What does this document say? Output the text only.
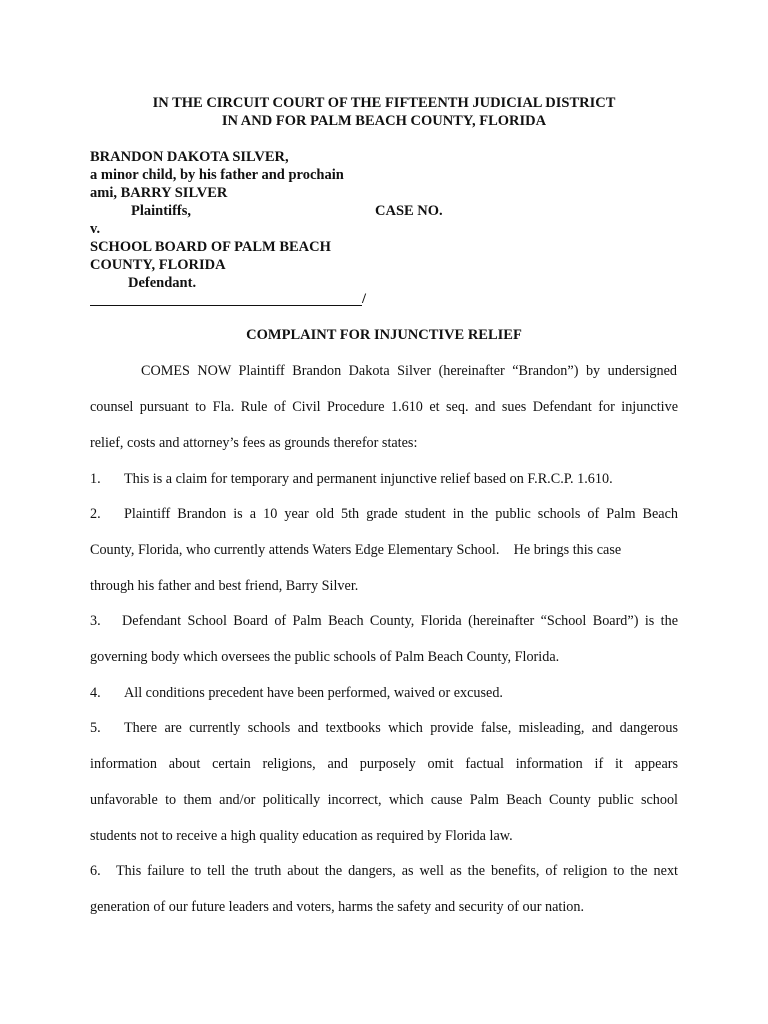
IN THE CIRCUIT COURT OF THE FIFTEENTH JUDICIAL DISTRICT
IN AND FOR PALM BEACH COUNTY, FLORIDA
BRANDON DAKOTA SILVER,
a minor child, by his father and prochain
ami, BARRY SILVER
Plaintiffs,	CASE NO.
v.
SCHOOL BOARD OF PALM BEACH
COUNTY, FLORIDA
Defendant.
/
COMPLAINT FOR INJUNCTIVE RELIEF
COMES NOW Plaintiff Brandon Dakota Silver (hereinafter “Brandon”) by undersigned
counsel pursuant to Fla. Rule of Civil Procedure 1.610 et seq. and sues Defendant for injunctive
relief, costs and attorney’s fees as grounds therefor states:
1. This is a claim for temporary and permanent injunctive relief based on F.R.C.P. 1.610.
2. Plaintiff Brandon is a 10 year old 5th grade student in the public schools of Palm Beach
County, Florida, who currently attends Waters Edge Elementary School.    He brings this case
through his father and best friend, Barry Silver.
3. Defendant School Board of Palm Beach County, Florida (hereinafter “School Board”) is the
governing body which oversees the public schools of Palm Beach County, Florida.
4. All conditions precedent have been performed, waived or excused.
5. There are currently schools and textbooks which provide false, misleading, and dangerous
information about certain religions, and purposely omit factual information if it appears
unfavorable to them and/or politically incorrect, which cause Palm Beach County public school
students not to receive a high quality education as required by Florida law.
6. This failure to tell the truth about the dangers, as well as the benefits, of religion to the next
generation of our future leaders and voters, harms the safety and security of our nation.
